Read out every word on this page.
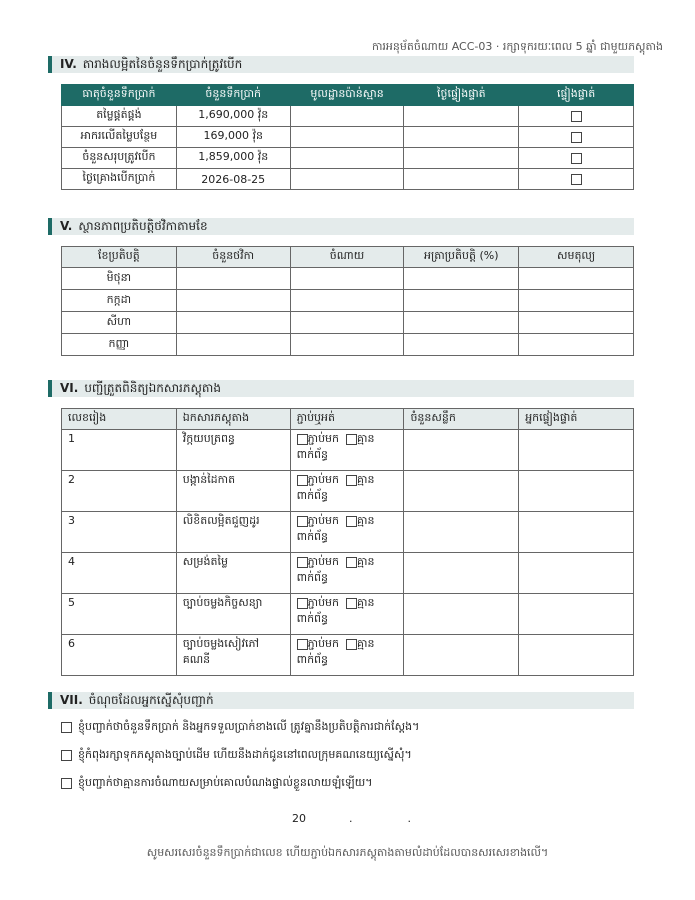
ការអនុម័តចំណាយ ACC-03 · រក្សាទុករយៈពេល 5 ឆ្នាំ ជាមួយភស្តុតាង
IV. តារាងលម្អិតនៃចំនួនទឹកប្រាក់ត្រូវបើក
ធាតុចំនួនទឹកប្រាក់	ចំនួនទឹកប្រាក់	មូលដ្ឋានប៉ាន់ស្មាន	ថ្ងៃផ្ទៀងផ្ទាត់	ផ្ទៀងផ្ទាត់
តម្លៃផ្គត់ផ្គង់	1,690,000 វ៉ុន			
អាករលើតម្លៃបន្ថែម	169,000 វ៉ុន			
ចំនួនសរុបត្រូវបើក	1,859,000 វ៉ុន			
ថ្ងៃគ្រោងបើកប្រាក់	2026-08-25			
V. ស្ថានភាពប្រតិបត្តិថវិកាតាមខែ
ខែប្រតិបត្តិ	ចំនួនថវិកា	ចំណាយ	អត្រាប្រតិបត្តិ (%)	សមតុល្យ
មិថុនា				
កក្កដា				
សីហា				
កញ្ញា				
VI. បញ្ជីត្រួតពិនិត្យឯកសារភស្តុតាង
លេខរៀង	ឯកសារភស្តុតាង	ភ្ជាប់ឬអត់	ចំនួនសន្លឹក	អ្នកផ្ទៀងផ្ទាត់
1	វិក្កយបត្រពន្ធ	ភ្ជាប់មក គ្មាន
ពាក់ព័ន្ធ		
2	បង្កាន់ដៃកាត	ភ្ជាប់មក គ្មាន
ពាក់ព័ន្ធ		
3	លិខិតលម្អិតជួញដូរ	ភ្ជាប់មក គ្មាន
ពាក់ព័ន្ធ		
4	សម្រង់តម្លៃ	ភ្ជាប់មក គ្មាន
ពាក់ព័ន្ធ		
5	ច្បាប់ចម្លងកិច្ចសន្យា	ភ្ជាប់មក គ្មាន
ពាក់ព័ន្ធ		
6	ច្បាប់ចម្លងសៀវភៅគណនី	ភ្ជាប់មក គ្មាន
ពាក់ព័ន្ធ		
VII. ចំណុចដែលអ្នកស្នើសុំបញ្ជាក់
ខ្ញុំបញ្ជាក់ថាចំនួនទឹកប្រាក់ និងអ្នកទទួលប្រាក់ខាងលើ ត្រូវគ្នានឹងប្រតិបត្តិការជាក់ស្តែង។
ខ្ញុំកំពុងរក្សាទុកភស្តុតាងច្បាប់ដើម ហើយនឹងដាក់ជូននៅពេលក្រុមគណនេយ្យស្នើសុំ។
ខ្ញុំបញ្ជាក់ថាគ្មានការចំណាយសម្រាប់គោលបំណងផ្ទាល់ខ្លួនលាយឡំឡើយ។
20	.	.
សូមសរសេរចំនួនទឹកប្រាក់ជាលេខ ហើយភ្ជាប់ឯកសារភស្តុតាងតាមលំដាប់ដែលបានសរសេរខាងលើ។
